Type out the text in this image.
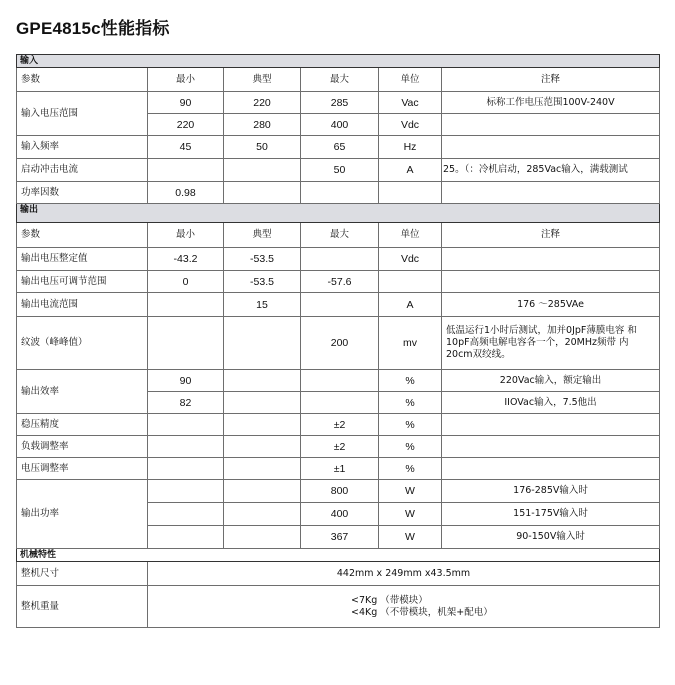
GPE4815c性能指标
输入					
参数	最小	典型	最大	单位	注释
输入电压范围	90	220	285	Vac	标称工作电压范围100V-240V
	220	280	400	Vdc	
输入频率	45	50	65	Hz	
启动冲击电流			50	A	25。（：冷机启动，285Vac输入，满载测试
功率因数	0.98				
输出					
参数	最小	典型	最大	单位	注释
输出电压整定值	-43.2	-53.5		Vdc	
输出电压可调节范围	0	-53.5	-57.6		
输出电流范围		15		A	176 ～285VAe
纹波（峰峰值）			200	mv	低温运行1小时后测试，加并0JpF薄膜电容 和
10pF高频电解电容各一个，20MHz频带 内
20cm双绞线。

输出效率	90			%	220Vac输入，额定输出
	82			%	IIOVac输入，7.5他出
稳压精度			±2	%	
负载调整率			±2	%	
电压调整率			±1	%	
输出功率			800	W	176-285V输入时
			400	W	151-175V输入时
			367	W	90-150V输入时
机械特性					
整机尺寸	442mm x 249mm x43.5mm				
整机重量	<7Kg （带模块）
<4Kg （不带模块，机架+配电）				
